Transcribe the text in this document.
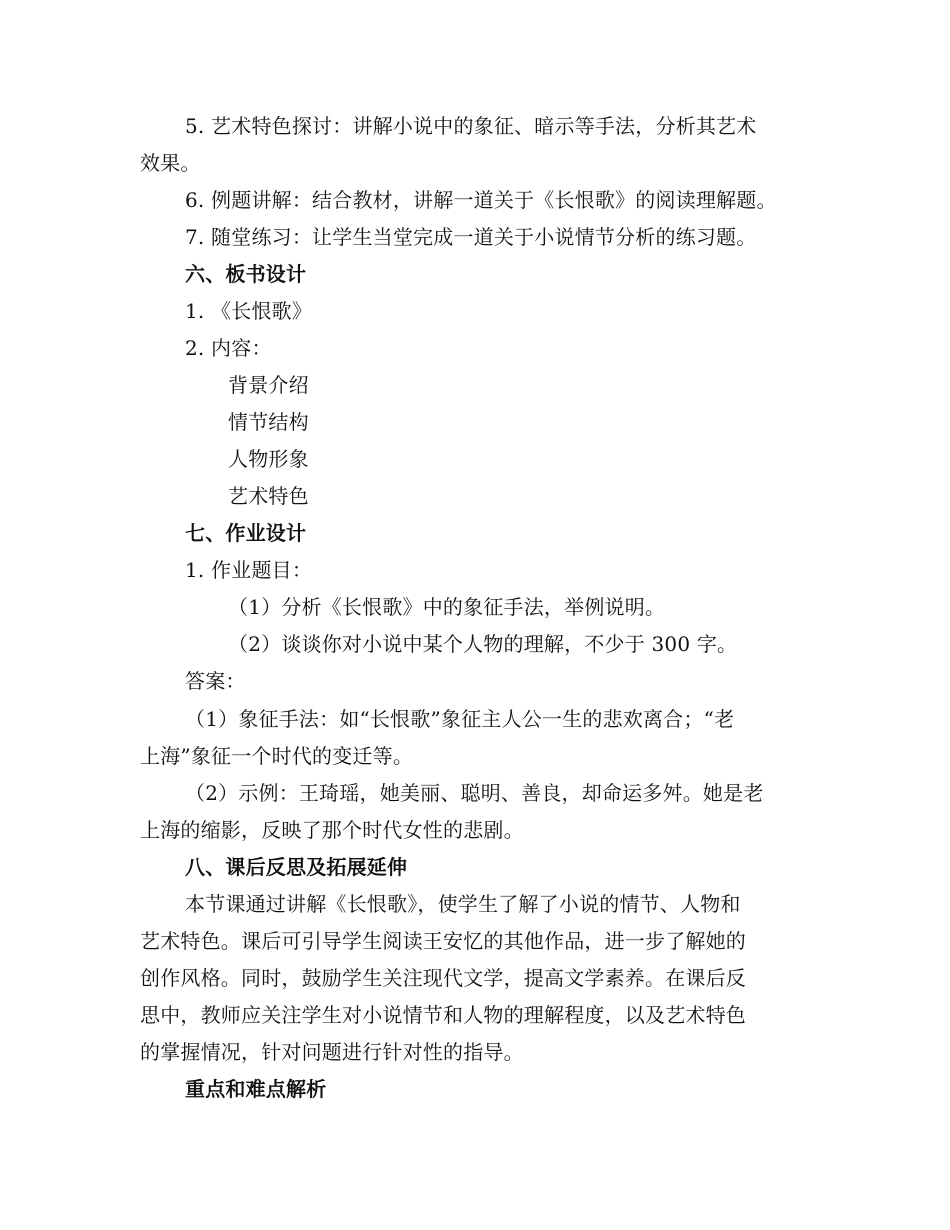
5. 艺术特色探讨：讲解小说中的象征、暗示等手法，分析其艺术
效果。
6. 例题讲解：结合教材，讲解一道关于《长恨歌》的阅读理解题。
7. 随堂练习：让学生当堂完成一道关于小说情节分析的练习题。
六、板书设计
1. 《长恨歌》
2. 内容：
背景介绍
情节结构
人物形象
艺术特色
七、作业设计
1. 作业题目：
（1）分析《长恨歌》中的象征手法，举例说明。
（2）谈谈你对小说中某个人物的理解，不少于 300 字。
答案：
（1）象征手法：如“长恨歌”象征主人公一生的悲欢离合；“老
上海”象征一个时代的变迁等。
（2）示例：王琦瑶，她美丽、聪明、善良，却命运多舛。她是老
上海的缩影，反映了那个时代女性的悲剧。
八、课后反思及拓展延伸
本节课通过讲解《长恨歌》，使学生了解了小说的情节、人物和
艺术特色。课后可引导学生阅读王安忆的其他作品，进一步了解她的
创作风格。同时，鼓励学生关注现代文学，提高文学素养。在课后反
思中，教师应关注学生对小说情节和人物的理解程度，以及艺术特色
的掌握情况，针对问题进行针对性的指导。
重点和难点解析
